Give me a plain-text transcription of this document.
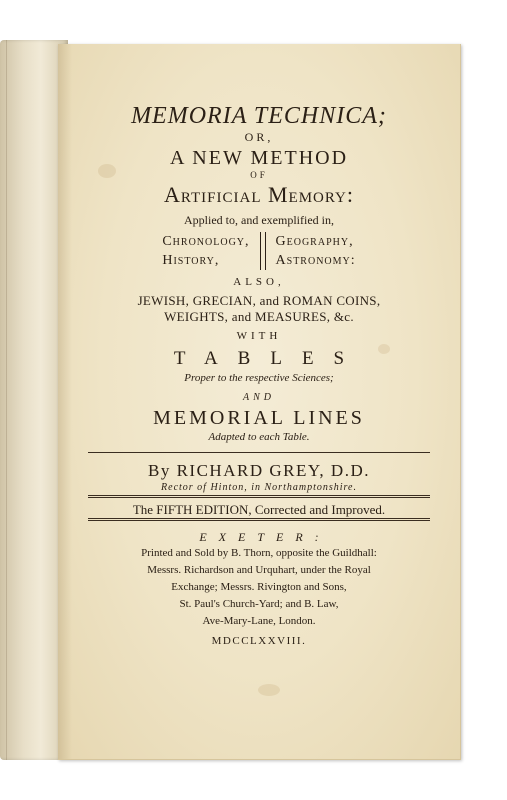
MEMORIA TECHNICA;
OR,
A NEW METHOD
OF
Artificial Memory:
Applied to, and exemplified in,
Chronology,
History,
Geography,
Astronomy:
ALSO,
JEWISH, GRECIAN, and ROMAN COINS,
WEIGHTS, and MEASURES, &c.
WITH
TABLES
Proper to the respective Sciences;
AND
MEMORIAL LINES
Adapted to each Table.
By RICHARD GREY, D.D.
Rector of Hinton, in Northamptonshire.
The FIFTH EDITION, Corrected and Improved.
EXETER:
Printed and Sold by B. Thorn, opposite the Guildhall:
Messrs. Richardson and Urquhart, under the Royal
Exchange; Messrs. Rivington and Sons,
St. Paul's Church-Yard; and B. Law,
Ave-Mary-Lane, London.
MDCCLXXVIII.
